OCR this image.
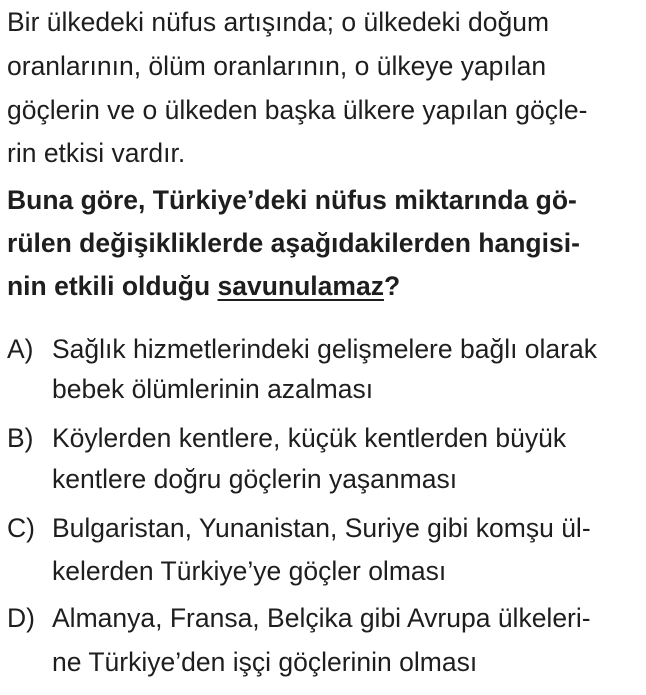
Bir ülkedeki nüfus artışında; o ülkedeki doğum
oranlarının, ölüm oranlarının, o ülkeye yapılan
göçlerin ve o ülkeden başka ülkere yapılan göçle-
rin etkisi vardır.
Buna göre, Türkiye’deki nüfus miktarında gö-
rülen değişikliklerde aşağıdakilerden hangisi-
nin etkili olduğu savunulamaz?
A) Sağlık hizmetlerindeki gelişmelere bağlı olarak
bebek ölümlerinin azalması
B) Köylerden kentlere, küçük kentlerden büyük
kentlere doğru göçlerin yaşanması
C) Bulgaristan, Yunanistan, Suriye gibi komşu ül-
kelerden Türkiye’ye göçler olması
D) Almanya, Fransa, Belçika gibi Avrupa ülkeleri-
ne Türkiye’den işçi göçlerinin olması
